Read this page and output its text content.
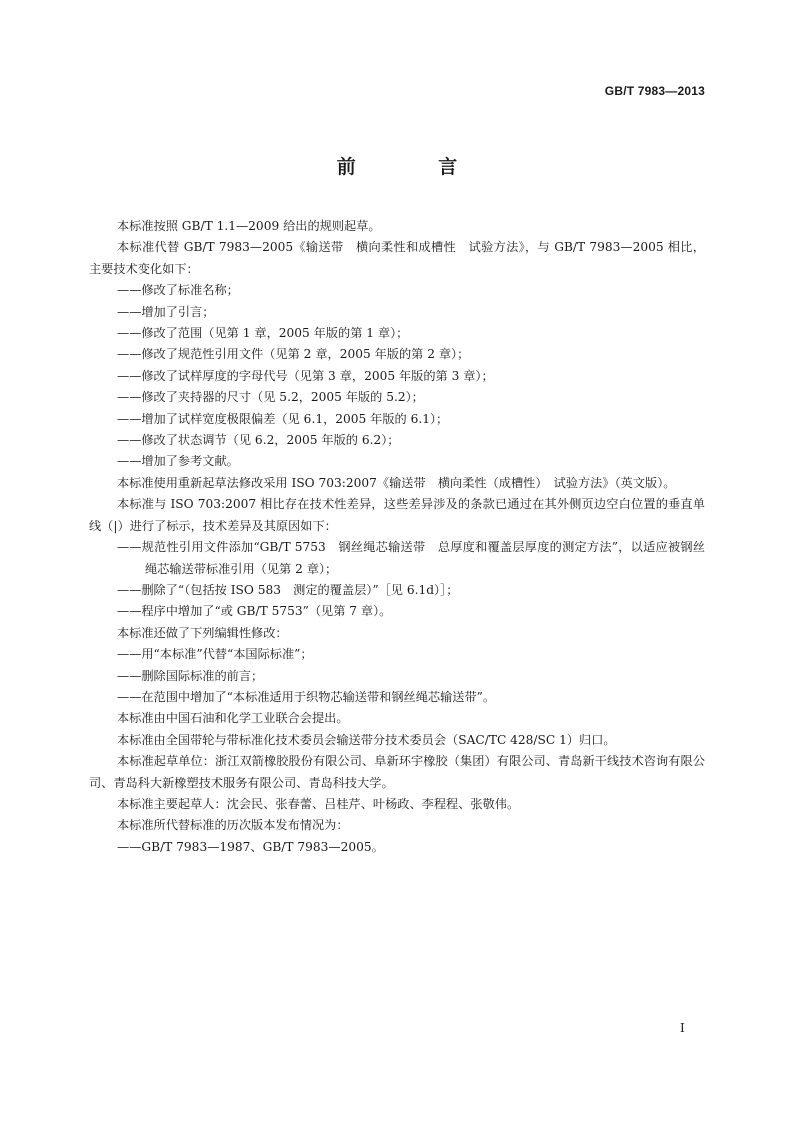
GB/T 7983—2013
前 言

本标准按照 GB/T 1.1—2009 给出的规则起草。

本标准代替 GB/T 7983—2005《输送带　横向柔性和成槽性　试验方法》，与 GB/T 7983—2005 相比，主要技术变化如下：

——修改了标准名称；

——增加了引言；

——修改了范围（见第 1 章，2005 年版的第 1 章）；

——修改了规范性引用文件（见第 2 章，2005 年版的第 2 章）；

——修改了试样厚度的字母代号（见第 3 章，2005 年版的第 3 章）；

——修改了夹持器的尺寸（见 5.2，2005 年版的 5.2）；

——增加了试样宽度极限偏差（见 6.1，2005 年版的 6.1）；

——修改了状态调节（见 6.2，2005 年版的 6.2）；

——增加了参考文献。

本标准使用重新起草法修改采用 ISO 703:2007《输送带　横向柔性（成槽性）　试验方法》（英文版）。

本标准与 ISO 703:2007 相比存在技术性差异，这些差异涉及的条款已通过在其外侧页边空白位置的垂直单线（|）进行了标示，技术差异及其原因如下：

——规范性引用文件添加“GB/T 5753　钢丝绳芯输送带　总厚度和覆盖层厚度的测定方法”，以适应被钢丝绳芯输送带标准引用（见第 2 章）；

——删除了“（包括按 ISO 583　测定的覆盖层）”［见 6.1d）］；

——程序中增加了“或 GB/T 5753”（见第 7 章）。

本标准还做了下列编辑性修改：

——用“本标准”代替“本国际标准”；

——删除国际标准的前言；

——在范围中增加了“本标准适用于织物芯输送带和钢丝绳芯输送带”。

本标准由中国石油和化学工业联合会提出。

本标准由全国带轮与带标准化技术委员会输送带分技术委员会（SAC/TC 428/SC 1）归口。

本标准起草单位：浙江双箭橡胶股份有限公司、阜新环宇橡胶（集团）有限公司、青岛新干线技术咨询有限公司、青岛科大新橡塑技术服务有限公司、青岛科技大学。

本标准主要起草人：沈会民、张春蕾、吕桂芹、叶杨政、李程程、张敬伟。

本标准所代替标准的历次版本发布情况为：

——GB/T 7983—1987、GB/T 7983—2005。

I
